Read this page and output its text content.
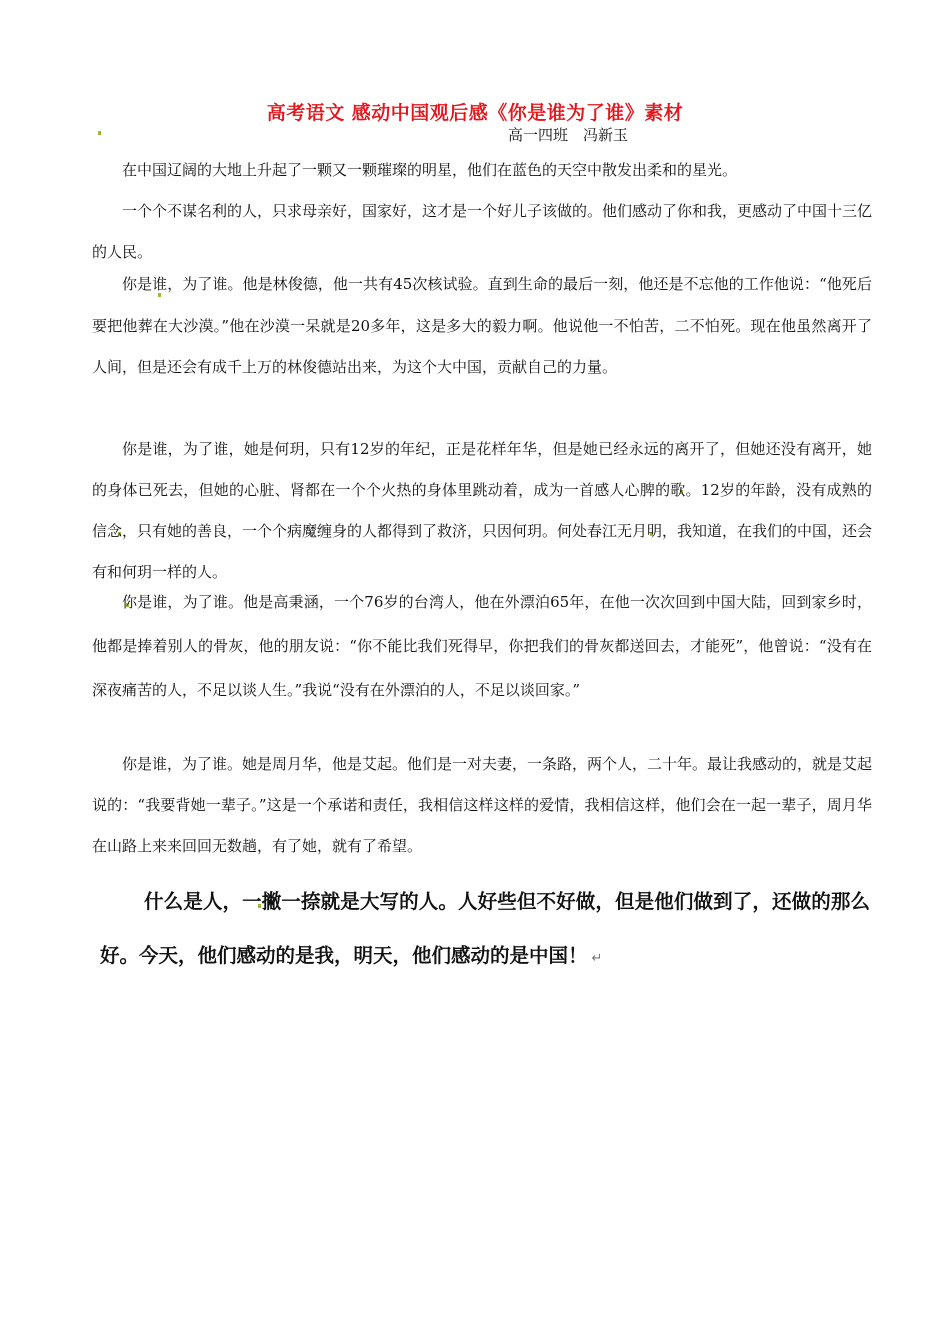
高考语文 感动中国观后感《你是谁为了谁》素材
高一四班　冯新玉

在中国辽阔的大地上升起了一颗又一颗璀璨的明星，他们在蓝色的天空中散发出柔和的星光。

一个个不谋名利的人，只求母亲好，国家好，这才是一个好儿子该做的。他们感动了你和我，更感动了中国十三亿的人民。

你是谁，为了谁。他是林俊德，他一共有45次核试验。直到生命的最后一刻，他还是不忘他的工作他说：“他死后要把他葬在大沙漠。”他在沙漠一呆就是20多年，这是多大的毅力啊。他说他一不怕苦，二不怕死。现在他虽然离开了人间，但是还会有成千上万的林俊德站出来，为这个大中国，贡献自己的力量。

你是谁，为了谁，她是何玥，只有12岁的年纪，正是花样年华，但是她已经永远的离开了，但她还没有离开，她的身体已死去，但她的心脏、肾都在一个个火热的身体里跳动着，成为一首感人心脾的歌。12岁的年龄，没有成熟的信念，只有她的善良，一个个病魔缠身的人都得到了救济，只因何玥。何处春江无月明，我知道，在我们的中国，还会有和何玥一样的人。

你是谁，为了谁。他是高秉涵，一个76岁的台湾人，他在外漂泊65年，在他一次次回到中国大陆，回到家乡时，他都是捧着别人的骨灰，他的朋友说：“你不能比我们死得早，你把我们的骨灰都送回去，才能死”，他曾说：“没有在深夜痛苦的人，不足以谈人生。”我说“没有在外漂泊的人，不足以谈回家。”

你是谁，为了谁。她是周月华，他是艾起。他们是一对夫妻，一条路，两个人，二十年。最让我感动的，就是艾起说的：“我要背她一辈子。”这是一个承诺和责任，我相信这样这样的爱情，我相信这样，他们会在一起一辈子，周月华在山路上来来回回无数趟，有了她，就有了希望。

什么是人，一撇一捺就是大写的人。人好些但不好做，但是他们做到了，还做的那么好。今天，他们感动的是我，明天，他们感动的是中国！ ↵
